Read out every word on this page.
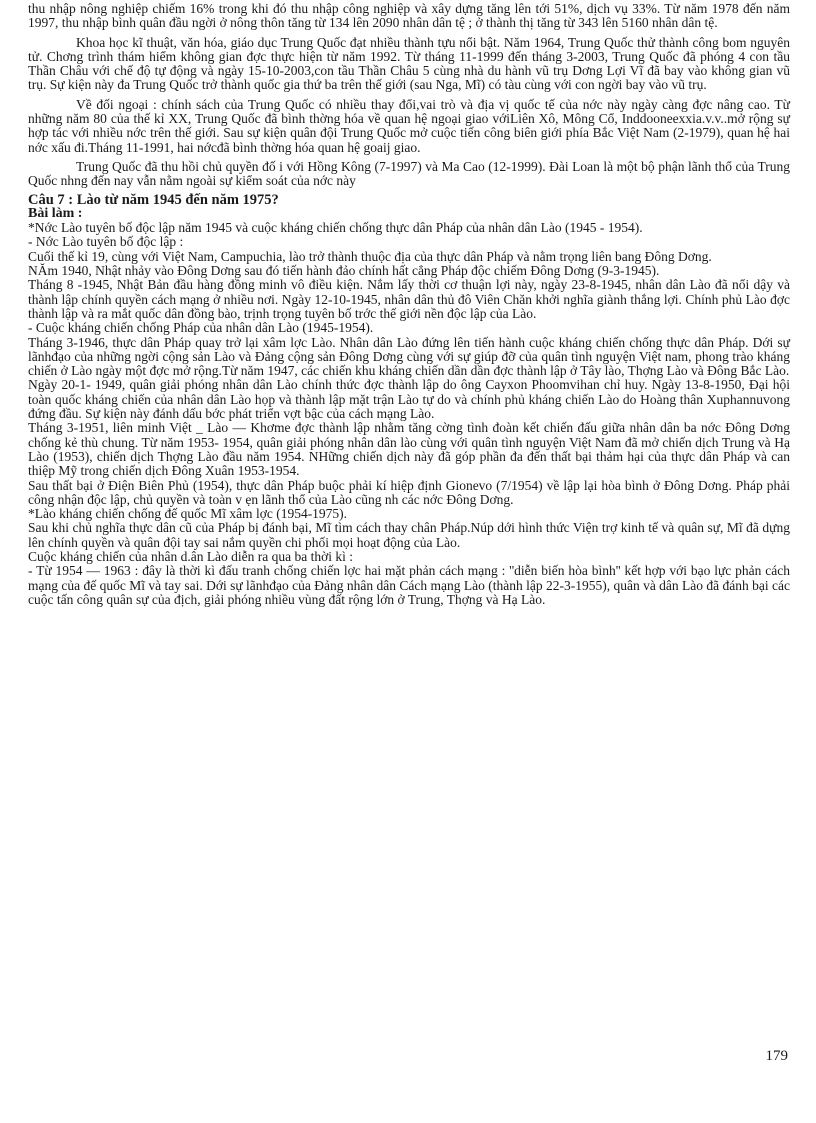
thu nhập nông nghiệp chiếm 16% trong khi đó thu nhập công nghiệp và xây dựng tăng lên tới 51%, dịch vụ 33%. Từ năm 1978 đến năm 1997, thu nhập bình quân đầu ngời ở nông thôn tăng từ 134 lên 2090 nhân dân tệ ; ở thành thị tăng từ 343 lên 5160 nhân dân tệ.

Khoa học kĩ thuật, văn hóa, giáo dục Trung Quốc đạt nhiều thành tựu nổi bật. Năm 1964, Trung Quốc thử thành công bom nguyên tử. Chơng trình thám hiểm không gian đợc thực hiện từ năm 1992. Từ tháng 11-1999 đến tháng 3-2003, Trung Quốc đã phóng 4 con tầu Thần Châu với chế độ tự động và ngày 15-10-2003,con tầu Thần Châu 5 cùng nhà du hành vũ trụ Dơng Lợi Vĩ đã bay vào không gian vũ trụ. Sự kiện này đa Trung Quốc trở thành quốc gia thứ ba trên thế giới (sau Nga, Mĩ) có tàu cùng với con ngời bay vào vũ trụ.

Về đối ngoại : chính sách của Trung Quốc có nhiều thay đổi,vai trò và địa vị quốc tế của nớc này ngày càng đợc nâng cao. Từ những năm 80 của thế kỉ XX, Trung Quốc đã bình thờng hóa về quan hệ ngoại giao vớiLiên Xô, Mông Cổ, Inddooneexxia.v.v..mở rộng sự hợp tác với nhiều nớc trên thế giới. Sau sự kiện quân đội Trung Quốc mở cuộc tiến công biên giới phía Bắc Việt Nam (2-1979), quan hệ hai nớc xấu đi.Tháng 11-1991, hai nớcđã bình thờng hóa quan hệ goaij giao.

Trung Quốc đã thu hồi chủ quyền đố i với Hồng Kông (7-1997) và Ma Cao (12-1999). Đài Loan là một bộ phận lãnh thổ của Trung Quốc nhng đến nay vẫn nằm ngoài sự kiểm soát của nớc này

Câu 7 : Lào từ năm 1945 đến năm 1975?

Bài làm :

*Nớc Lào tuyên bố độc lập năm 1945 và cuộc kháng chiến chống thực dân Pháp của nhân dân Lào (1945 - 1954).

- Nớc Lào tuyên bố độc lập :

Cuối thế kỉ 19, cùng với Việt Nam, Campuchia, lào trở thành thuộc địa của thực dân Pháp và nằm trọng liên bang Đông Dơng.

NĂm 1940, Nhật nhảy vào Đông Dơng sau đó tiến hành đảo chính hất cẳng Pháp độc chiếm Đông Dơng (9-3-1945).

Tháng 8 -1945, Nhật Bản đầu hàng đồng minh vô điều kiện. Nắm lấy thời cơ thuận lợi này, ngày 23-8-1945, nhân dân Lào đã nổi dậy và thành lập chính quyền cách mạng ở nhiều nơi. Ngày 12-10-1945, nhân dân thủ đô Viên Chăn khởi nghĩa giành thắng lợi. Chính phủ Lào đợc thành lập và ra mắt quốc dân đồng bào, trịnh trọng tuyên bố trớc thế giới nền độc lập của Lào.

- Cuộc kháng chiến chống Pháp của nhân dân Lào (1945-1954).

Tháng 3-1946, thực dân Pháp quay trở lại xâm lợc Lào. Nhân dân Lào đứng lên tiến hành cuộc kháng chiến chống thực dân Pháp. Dới sự lãnhđạo của những ngời cộng sản Lào và Đảng cộng sản Đông Dơng cùng với sự giúp đỡ của quân tình nguyện Việt nam, phong trào kháng chiến ở Lào ngày một đợc mở rộng.Từ năm 1947, các chiến khu kháng chiến dần dần đợc thành lập ở Tây lào, Thợng Lào và Đông Bắc Lào.

Ngày 20-1- 1949, quân giải phóng nhân dân Lào chính thức đợc thành lập do ông Cayxon Phoomvihan chỉ huy. Ngày 13-8-1950, Đại hội toàn quốc kháng chiến của nhân dân Lào họp và thành lập mặt trận Lào tự do và chính phủ kháng chiến Lào do Hoàng thân Xuphannuvong đứng đầu. Sự kiện này đánh dấu bớc phát triển vợt bậc của cách mạng Lào.

Tháng 3-1951, liên minh Việt _ Lào — Khơme đợc thành lập nhằm tăng cờng tình đoàn kết chiến đấu giữa nhân dân ba nớc Đông Dơng chống kẻ thù chung. Từ năm 1953- 1954, quân giải phóng nhân dân lào cùng với quân tình nguyện Việt Nam đã mở chiến dịch Trung và Hạ Lào (1953), chiến dịch Thợng Lào đầu năm 1954. NHững chiến dịch này đã góp phần đa đến thất bại thảm hại của thực dân Pháp và can thiệp Mỹ trong chiến dịch Đông Xuân 1953-1954.

Sau thất bại ở Điện Biên Phủ (1954), thực dân Pháp buộc phải kí hiệp định Gionevo (7/1954) về lập lại hòa bình ở Đông Dơng. Pháp phải công nhận độc lập, chủ quyền và toàn v ẹn lãnh thổ của Lào cũng nh các nớc Đông Dơng.

*Lào kháng chiến chống đế quốc Mĩ xâm lợc (1954-1975).

Sau khi chủ nghĩa thực dân cũ của Pháp bị đánh bại, Mĩ tìm cách thay chân Pháp.Núp dới hình thức Viện trợ kinh tế và quân sự, Mĩ đã dựng lên chính quyền và quân đội tay sai nắm quyền chi phối mọi hoạt động của Lào.

Cuộc kháng chiến của nhân d.ân Lào diễn ra qua ba thời kì :

- Từ 1954 — 1963 : đây là thời kì đấu tranh chống chiến lợc hai mặt phản cách mạng : ''diễn biến hòa bình'' kết hợp với bạo lực phản cách mạng của đế quốc Mĩ và tay sai. Dới sự lãnhđạo của Đảng nhân dân Cách mạng Lào (thành lập 22-3-1955), quân và dân Lào đã đánh bại các cuộc tấn công quân sự của địch, giải phóng nhiều vùng đất rộng lớn ở Trung, Thợng và Hạ Lào.

179
